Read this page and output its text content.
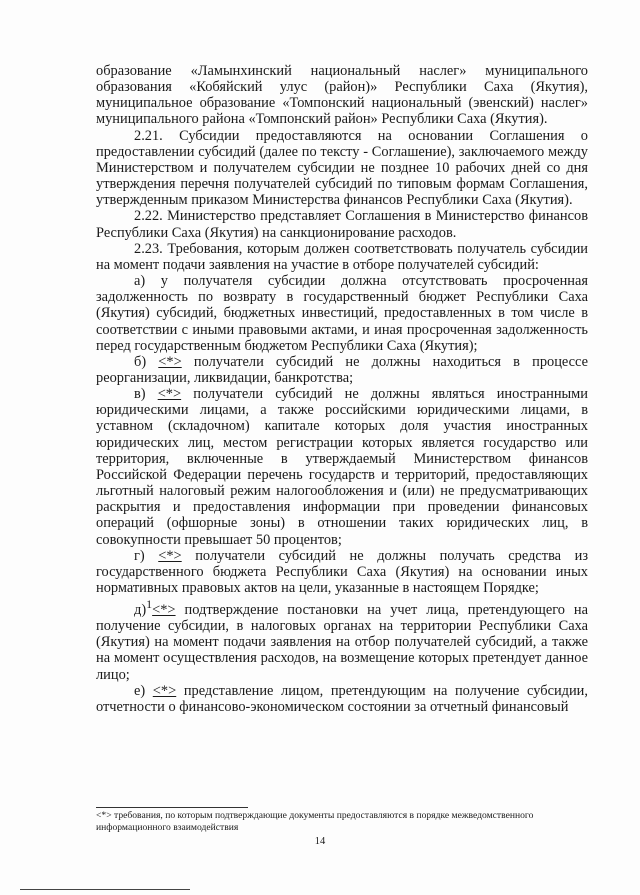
образование «Ламынхинский национальный наслег» муниципального образования «Кобяйский улус (район)» Республики Саха (Якутия), муниципальное образование «Томпонский национальный (эвенский) наслег» муниципального района «Томпонский район» Республики Саха (Якутия).

2.21. Субсидии предоставляются на основании Соглашения о предоставлении субсидий (далее по тексту - Соглашение), заключаемого между Министерством и получателем субсидии не позднее 10 рабочих дней со дня утверждения перечня получателей субсидий по типовым формам Соглашения, утвержденным приказом Министерства финансов Республики Саха (Якутия).

2.22. Министерство представляет Соглашения в Министерство финансов Республики Саха (Якутия) на санкционирование расходов.

2.23. Требования, которым должен соответствовать получатель субсидии на момент подачи заявления на участие в отборе получателей субсидий:

а) у получателя субсидии должна отсутствовать просроченная задолженность по возврату в государственный бюджет Республики Саха (Якутия) субсидий, бюджетных инвестиций, предоставленных в том числе в соответствии с иными правовыми актами, и иная просроченная задолженность перед государственным бюджетом Республики Саха (Якутия);

б) <*> получатели субсидий не должны находиться в процессе реорганизации, ликвидации, банкротства;

в) <*> получатели субсидий не должны являться иностранными юридическими лицами, а также российскими юридическими лицами, в уставном (складочном) капитале которых доля участия иностранных юридических лиц, местом регистрации которых является государство или территория, включенные в утверждаемый Министерством финансов Российской Федерации перечень государств и территорий, предоставляющих льготный налоговый режим налогообложения и (или) не предусматривающих раскрытия и предоставления информации при проведении финансовых операций (офшорные зоны) в отношении таких юридических лиц, в совокупности превышает 50 процентов;

г) <*> получатели субсидий не должны получать средства из государственного бюджета Республики Саха (Якутия) на основании иных нормативных правовых актов на цели, указанные в настоящем Порядке;

д)$^1$<*> подтверждение постановки на учет лица, претендующего на получение субсидии, в налоговых органах на территории Республики Саха (Якутия) на момент подачи заявления на отбор получателей субсидий, а также на момент осуществления расходов, на возмещение которых претендует данное лицо;

е) <*> представление лицом, претендующим на получение субсидии, отчетности о финансово-экономическом состоянии за отчетный финансовый

<*> требования, по которым подтверждающие документы предоставляются в порядке межведомственного информационного взаимодействия
14
